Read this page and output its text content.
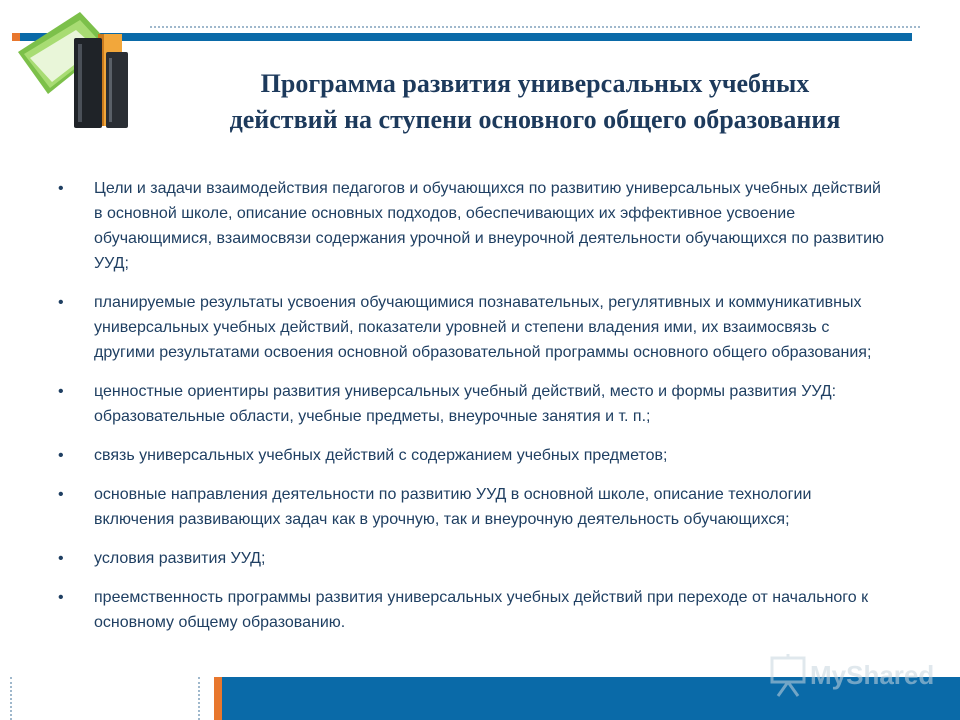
Программа развития универсальных учебных
действий на ступени основного общего образования
•	Цели и задачи взаимодействия педагогов и обучающихся по развитию универсальных учебных действий в основной школе, описание основных подходов, обеспечивающих их эффективное усвоение обучающимися, взаимосвязи содержания урочной и внеурочной деятельности обучающихся по развитию УУД;
•	планируемые результаты усвоения обучающимися познавательных, регулятивных и коммуникативных универсальных учебных действий, показатели уровней и степени владения ими, их взаимосвязь с другими результатами освоения основной образовательной программы основного общего образования;
•	ценностные ориентиры развития универсальных учебный действий, место и формы развития УУД: образовательные области, учебные предметы, внеурочные занятия и т. п.;
•	связь универсальных учебных действий с содержанием учебных предметов;
•	основные направления деятельности по развитию УУД в основной школе, описание технологии включения развивающих задач как в урочную, так и внеурочную деятельность обучающихся;
•	условия развития УУД;
•	преемственность программы развития универсальных учебных действий при переходе от начального к основному общему образованию.
MyShared
